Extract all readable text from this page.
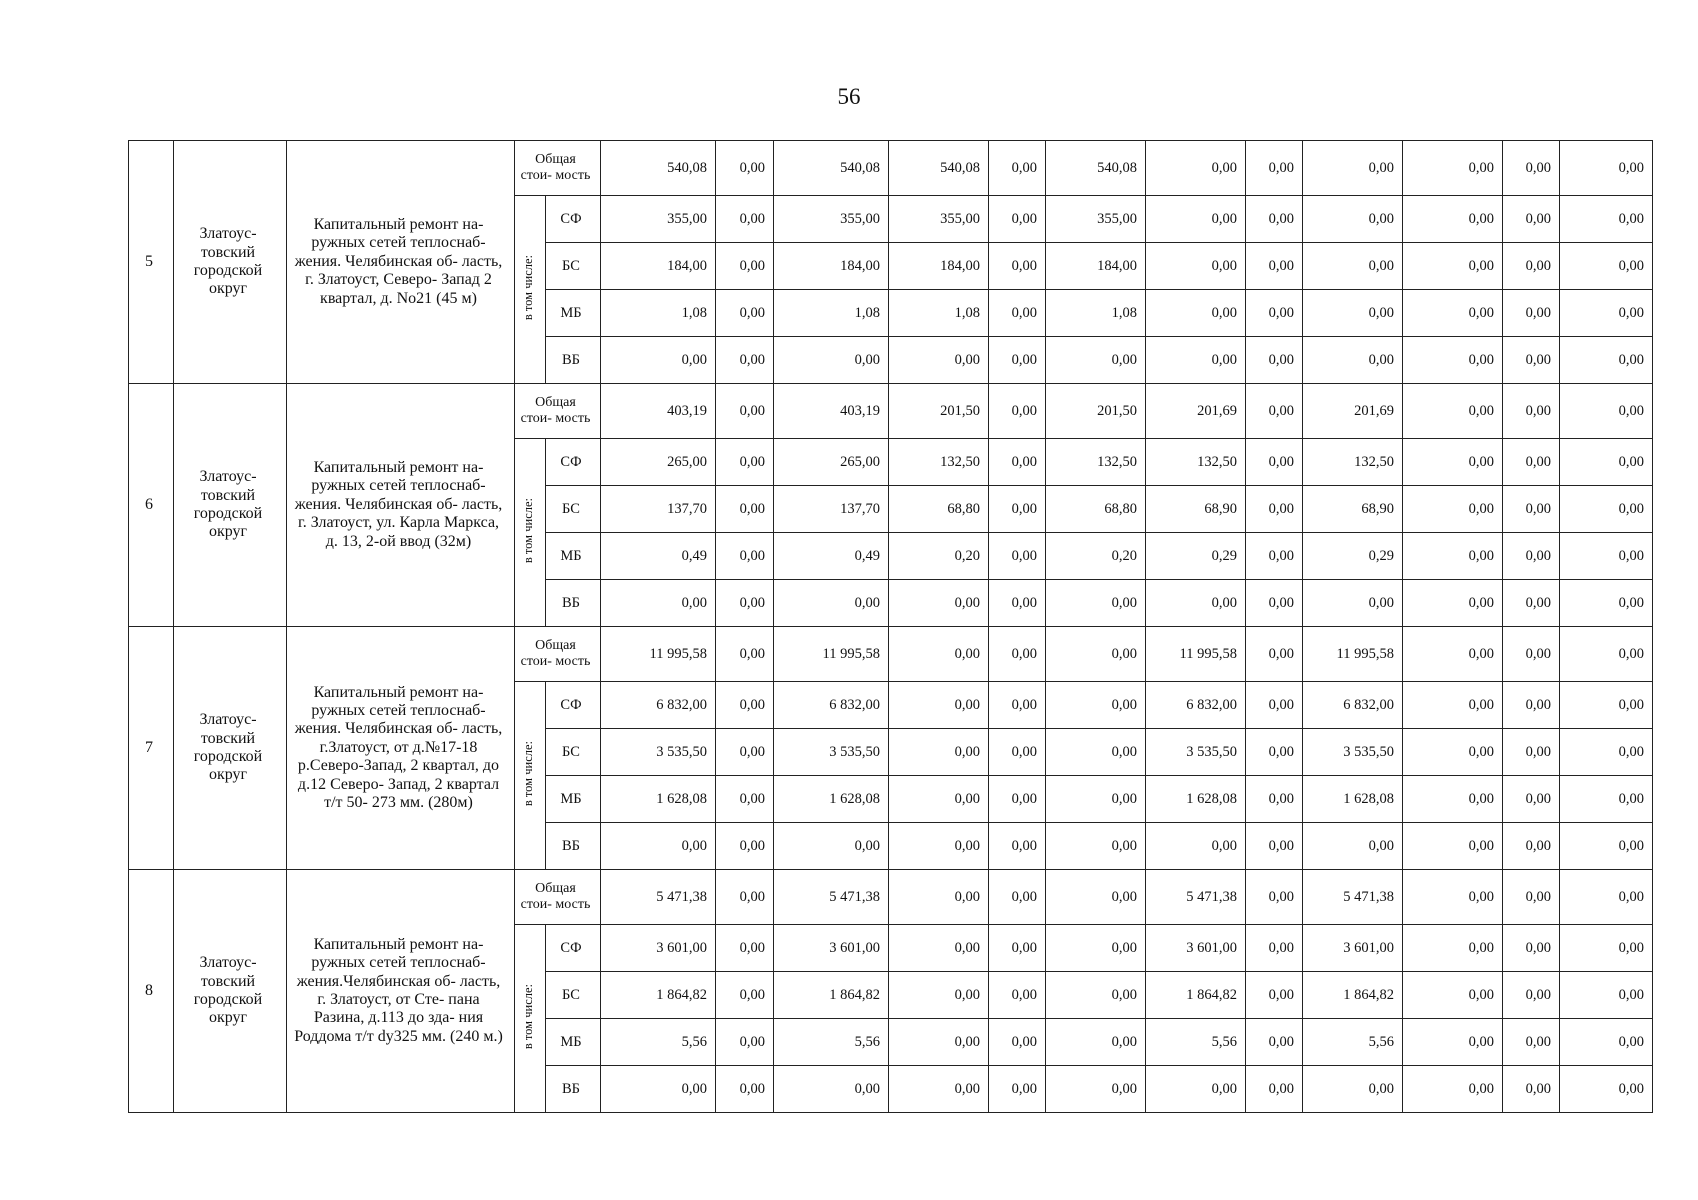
56
5	Златоус- товский городской округ	Капитальный ремонт на- ружных сетей теплоснаб- жения. Челябинская об- ласть, г. Златоуст, Северо- Запад 2 квартал, д. No21 (45 м)	Общая стои- мость		540,08	0,00	540,08	540,08	0,00	540,08	0,00	0,00	0,00	0,00	0,00	0,00
			в том числе:	СФ	355,00	0,00	355,00	355,00	0,00	355,00	0,00	0,00	0,00	0,00	0,00	0,00
				БС	184,00	0,00	184,00	184,00	0,00	184,00	0,00	0,00	0,00	0,00	0,00	0,00
				МБ	1,08	0,00	1,08	1,08	0,00	1,08	0,00	0,00	0,00	0,00	0,00	0,00
				ВБ	0,00	0,00	0,00	0,00	0,00	0,00	0,00	0,00	0,00	0,00	0,00	0,00
6	Златоус- товский городской округ	Капитальный ремонт на- ружных сетей теплоснаб- жения. Челябинская об- ласть, г. Златоуст, ул. Карла Маркса, д. 13, 2-ой ввод (32м)	Общая стои- мость		403,19	0,00	403,19	201,50	0,00	201,50	201,69	0,00	201,69	0,00	0,00	0,00
			в том числе:	СФ	265,00	0,00	265,00	132,50	0,00	132,50	132,50	0,00	132,50	0,00	0,00	0,00
				БС	137,70	0,00	137,70	68,80	0,00	68,80	68,90	0,00	68,90	0,00	0,00	0,00
				МБ	0,49	0,00	0,49	0,20	0,00	0,20	0,29	0,00	0,29	0,00	0,00	0,00
				ВБ	0,00	0,00	0,00	0,00	0,00	0,00	0,00	0,00	0,00	0,00	0,00	0,00
7	Златоус- товский городской округ	Капитальный ремонт на- ружных сетей теплоснаб- жения. Челябинская об- ласть, г.Златоуст, от д.№17-18 р.Северо-Запад, 2 квартал, до д.12 Северо- Запад, 2 квартал т/т 50- 273 мм. (280м)	Общая стои- мость		11 995,58	0,00	11 995,58	0,00	0,00	0,00	11 995,58	0,00	11 995,58	0,00	0,00	0,00
			в том числе:	СФ	6 832,00	0,00	6 832,00	0,00	0,00	0,00	6 832,00	0,00	6 832,00	0,00	0,00	0,00
				БС	3 535,50	0,00	3 535,50	0,00	0,00	0,00	3 535,50	0,00	3 535,50	0,00	0,00	0,00
				МБ	1 628,08	0,00	1 628,08	0,00	0,00	0,00	1 628,08	0,00	1 628,08	0,00	0,00	0,00
				ВБ	0,00	0,00	0,00	0,00	0,00	0,00	0,00	0,00	0,00	0,00	0,00	0,00
8	Златоус- товский городской округ	Капитальный ремонт на- ружных сетей теплоснаб- жения.Челябинская об- ласть, г. Златоуст, от Сте- пана Разина, д.113 до зда- ния Роддома т/т dy325 мм. (240 м.)	Общая стои- мость		5 471,38	0,00	5 471,38	0,00	0,00	0,00	5 471,38	0,00	5 471,38	0,00	0,00	0,00
			в том числе:	СФ	3 601,00	0,00	3 601,00	0,00	0,00	0,00	3 601,00	0,00	3 601,00	0,00	0,00	0,00
				БС	1 864,82	0,00	1 864,82	0,00	0,00	0,00	1 864,82	0,00	1 864,82	0,00	0,00	0,00
				МБ	5,56	0,00	5,56	0,00	0,00	0,00	5,56	0,00	5,56	0,00	0,00	0,00
				ВБ	0,00	0,00	0,00	0,00	0,00	0,00	0,00	0,00	0,00	0,00	0,00	0,00
